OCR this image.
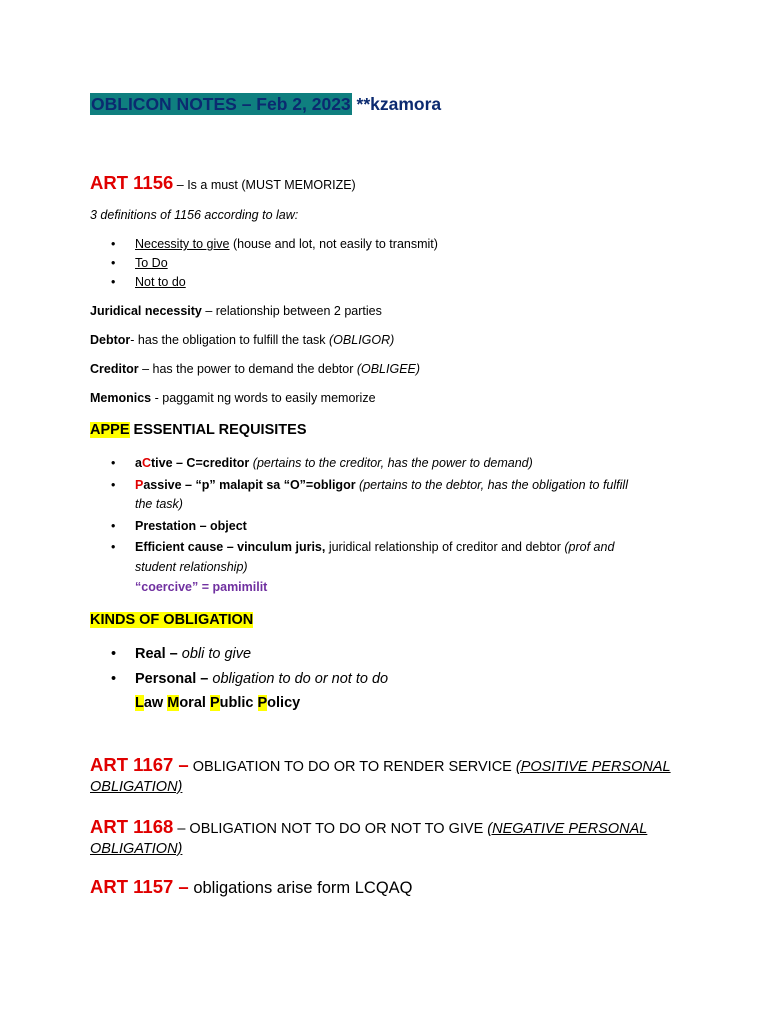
OBLICON NOTES – Feb 2, 2023 **kzamora
ART 1156 – Is a must (MUST MEMORIZE)
3 definitions of 1156 according to law:
• Necessity to give (house and lot, not easily to transmit)
• To Do
• Not to do
Juridical necessity – relationship between 2 parties
Debtor- has the obligation to fulfill the task (OBLIGOR)
Creditor – has the power to demand the debtor (OBLIGEE)
Memonics - paggamit ng words to easily memorize
APPE ESSENTIAL REQUISITES
• aCtive – C=creditor (pertains to the creditor, has the power to demand)
• Passive – “p” malapit sa “O”=obligor (pertains to the debtor, has the obligation to fulfill
the task)
• Prestation – object
• Efficient cause – vinculum juris, juridical relationship of creditor and debtor (prof and
student relationship)
“coercive” = pamimilit
KINDS OF OBLIGATION
• Real – obli to give
• Personal – obligation to do or not to do
Law Moral Public Policy
ART 1167 – OBLIGATION TO DO OR TO RENDER SERVICE (POSITIVE PERSONAL
OBLIGATION)
ART 1168 – OBLIGATION NOT TO DO OR NOT TO GIVE (NEGATIVE PERSONAL
OBLIGATION)
ART 1157 – obligations arise form LCQAQ
